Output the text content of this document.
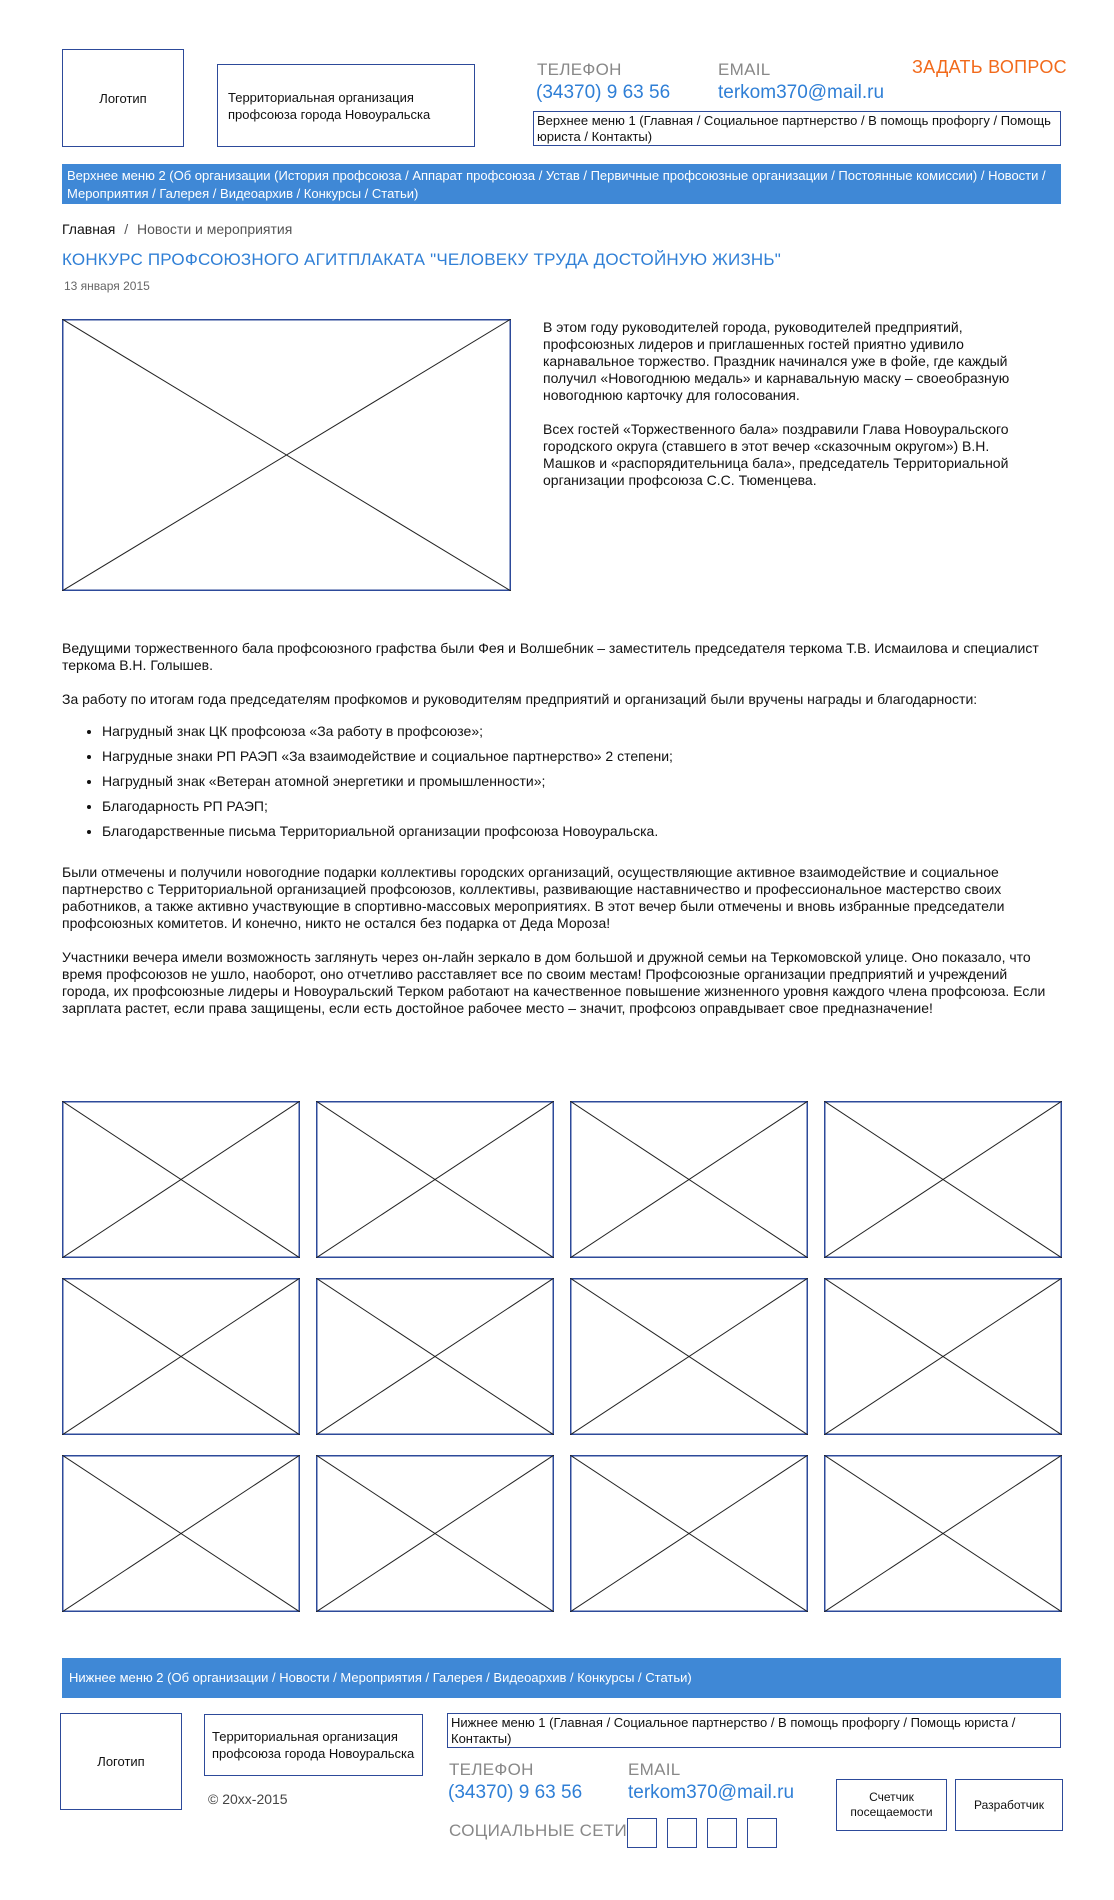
Логотип	Территориальная организация профсоюза города Новоуральска
ТЕЛЕФОН
(34370) 9 63 56
EMAIL
terkom370@mail.ru
ЗАДАТЬ ВОПРОС
Верхнее меню 1 (Главная / Социальное партнерство / В помощь профоргу / Помощь юриста / Контакты)
Верхнее меню 2 (Об организации (История профсоюза / Аппарат профсоюза / Устав / Первичные профсоюзные организации / Постоянные комиссии) / Новости / Мероприятия / Галерея / Видеоархив / Конкурсы / Статьи)
Главная / Новости и мероприятия
КОНКУРС ПРОФСОЮЗНОГО АГИТПЛАКАТА "ЧЕЛОВЕКУ ТРУДА ДОСТОЙНУЮ ЖИЗНЬ"
13 января 2015

В этом году руководителей города, руководителей предприятий, профсоюзных лидеров и приглашенных гостей приятно удивило карнавальное торжество. Праздник начинался уже в фойе, где каждый получил «Новогоднюю медаль» и карнавальную маску – своеобразную новогоднюю карточку для голосования.

Всех гостей «Торжественного бала» поздравили Глава Новоуральского городского округа (ставшего в этот вечер «сказочным округом») В.Н. Машков и «распорядительница бала», председатель Территориальной организации профсоюза С.С. Тюменцева.

Ведущими торжественного бала профсоюзного графства были Фея и Волшебник – заместитель председателя теркома Т.В. Исмаилова и специалист теркома В.Н. Голышев.

За работу по итогам года председателям профкомов и руководителям предприятий и организаций были вручены награды и благодарности:

• Нагрудный знак ЦК профсоюза «За работу в профсоюзе»;
• Нагрудные знаки РП РАЭП «За взаимодействие и социальное партнерство» 2 степени;
• Нагрудный знак «Ветеран атомной энергетики и промышленности»;
• Благодарность РП РАЭП;
• Благодарственные письма Территориальной организации профсоюза Новоуральска.

Были отмечены и получили новогодние подарки коллективы городских организаций, осуществляющие активное взаимодействие и социальное партнерство с Территориальной организацией профсоюзов, коллективы, развивающие наставничество и профессиональное мастерство своих работников, а также активно участвующие в спортивно-массовых мероприятиях. В этот вечер были отмечены и вновь избранные председатели профсоюзных комитетов. И конечно, никто не остался без подарка от Деда Мороза!

Участники вечера имели возможность заглянуть через он-лайн зеркало в дом большой и дружной семьи на Теркомовской улице. Оно показало, что время профсоюзов не ушло, наоборот, оно отчетливо расставляет все по своим местам! Профсоюзные организации предприятий и учреждений города, их профсоюзные лидеры и Новоуральский Терком работают на качественное повышение жизненного уровня каждого члена профсоюза. Если зарплата растет, если права защищены, если есть достойное рабочее место – значит, профсоюз оправдывает свое предназначение!

Нижнее меню 2 (Об организации / Новости / Мероприятия / Галерея / Видеоархив / Конкурсы / Статьи)
Логотип
Территориальная организация профсоюза города Новоуральска
© 20xx-2015
Нижнее меню 1 (Главная / Социальное партнерство / В помощь профоргу / Помощь юриста / Контакты)
ТЕЛЕФОН
(34370) 9 63 56
EMAIL
terkom370@mail.ru
СОЦИАЛЬНЫЕ СЕТИ
Счетчик посещаемости	Разработчик
